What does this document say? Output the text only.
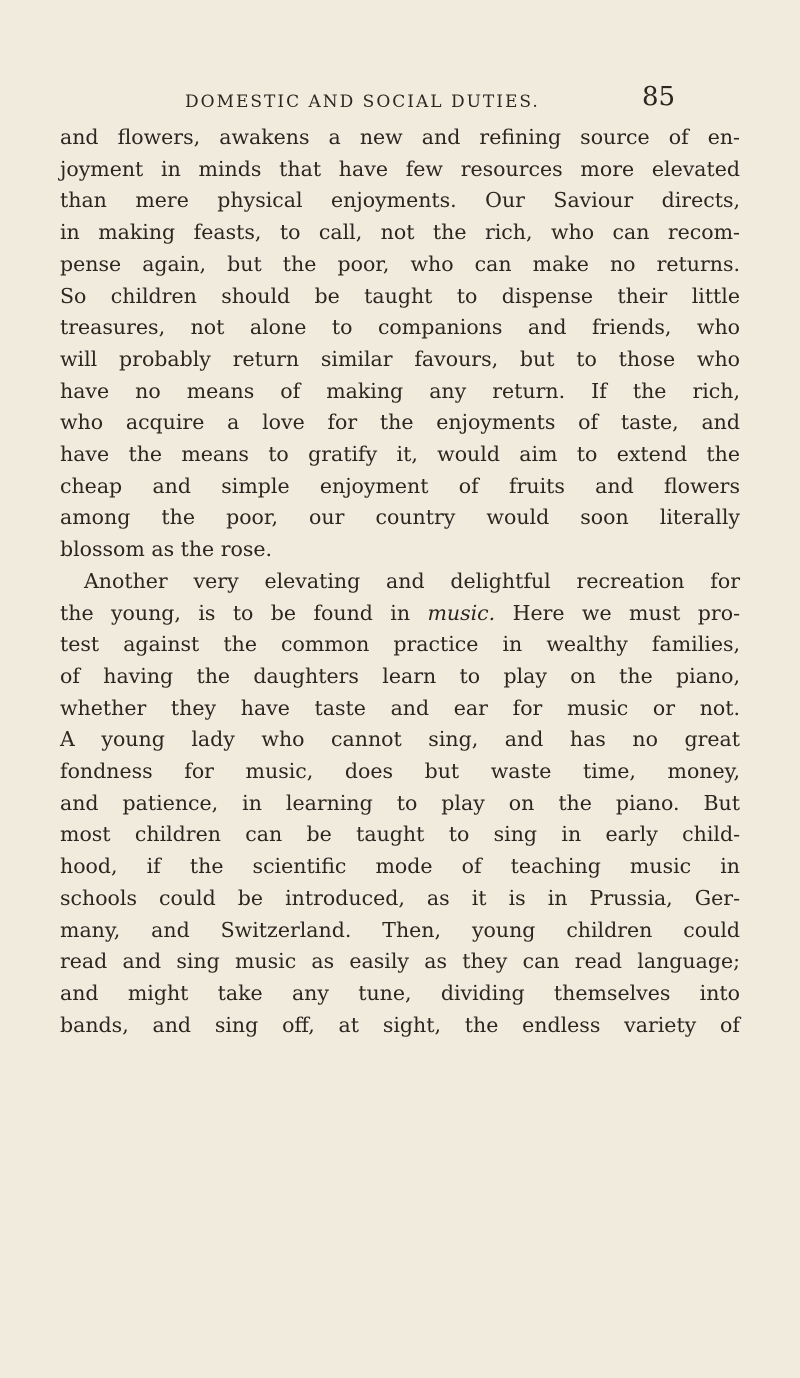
DOMESTIC AND SOCIAL DUTIES.	85
and flowers, awakens a new and refining source of en-
joyment in minds that have few resources more elevated
than mere physical enjoyments. Our Saviour directs,
in making feasts, to call, not the rich, who can recom-
pense again, but the poor, who can make no returns.
So children should be taught to dispense their little
treasures, not alone to companions and friends, who
will probably return similar favours, but to those who
have no means of making any return. If the rich,
who acquire a love for the enjoyments of taste, and
have the means to gratify it, would aim to extend the
cheap and simple enjoyment of fruits and flowers
among the poor, our country would soon literally
blossom as the rose.
Another very elevating and delightful recreation for
the young, is to be found in music. Here we must pro-
test against the common practice in wealthy families,
of having the daughters learn to play on the piano,
whether they have taste and ear for music or not.
A young lady who cannot sing, and has no great
fondness for music, does but waste time, money,
and patience, in learning to play on the piano. But
most children can be taught to sing in early child-
hood, if the scientific mode of teaching music in
schools could be introduced, as it is in Prussia, Ger-
many, and Switzerland. Then, young children could
read and sing music as easily as they can read language;
and might take any tune, dividing themselves into
bands, and sing off, at sight, the endless variety of
